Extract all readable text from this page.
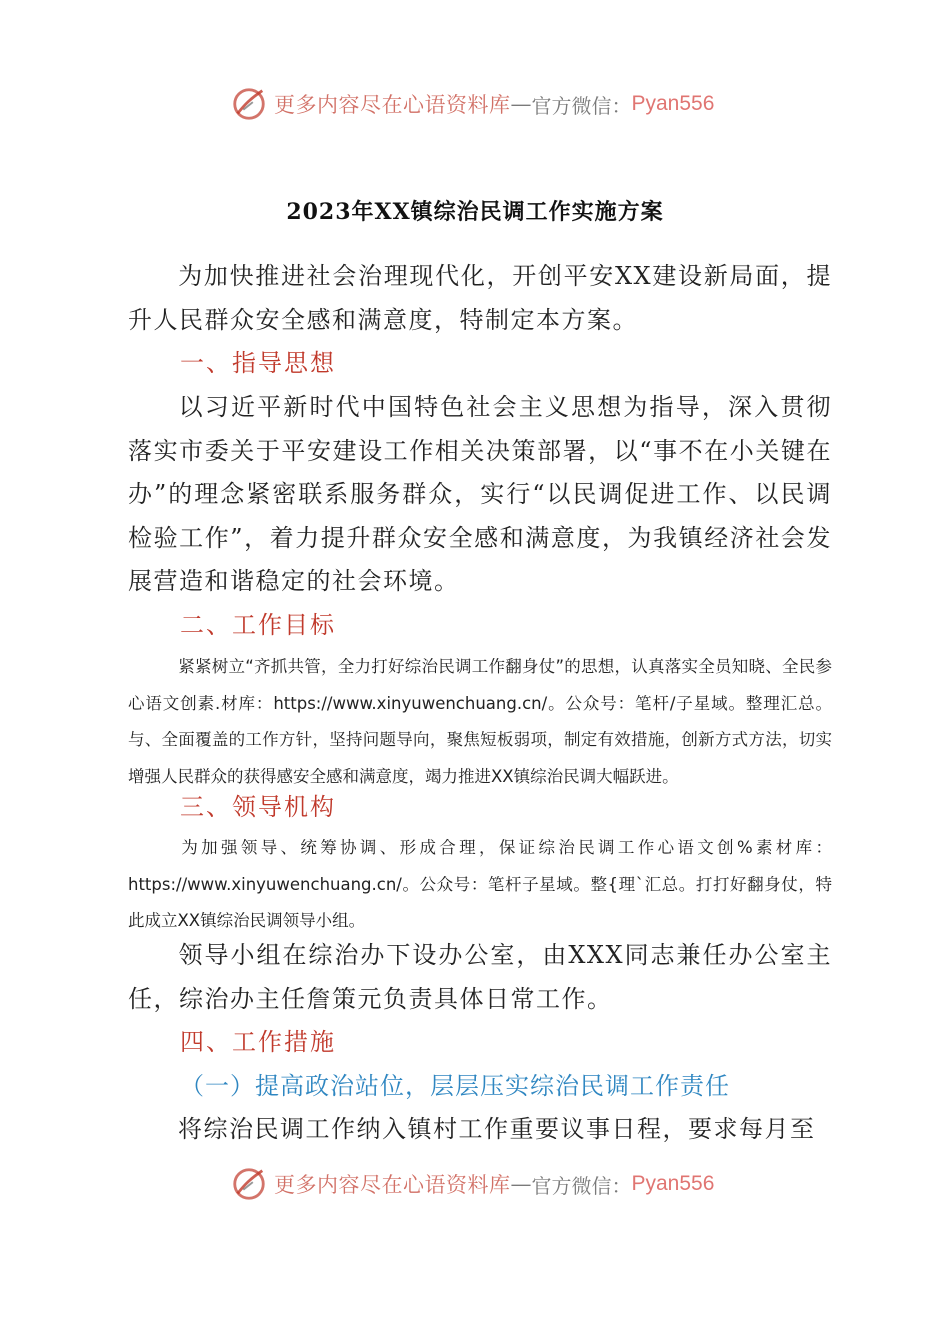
更多内容尽在心语资料库 — 官方微信： Pyan556
2023年XX镇综治民调工作实施方案

为加快推进社会治理现代化，开创平安XX建设新局面，提升人民群众安全感和满意度，特制定本方案。

一、指导思想

以习近平新时代中国特色社会主义思想为指导，深入贯彻落实市委关于平安建设工作相关决策部署，以“事不在小关键在办”的理念紧密联系服务群众，实行“以民调促进工作、以民调检验工作”，着力提升群众安全感和满意度，为我镇经济社会发展营造和谐稳定的社会环境。

二、工作目标

紧紧树立“齐抓共管，全力打好综治民调工作翻身仗”的思想，认真落实全员知晓、全民参心语文创素.材库：https://www.xinyuwenchuang.cn/。公众号：笔杆/子星域。整理汇总。与、全面覆盖的工作方针，坚持问题导向，聚焦短板弱项，制定有效措施，创新方式方法，切实增强人民群众的获得感安全感和满意度，竭力推进XX镇综治民调大幅跃进。

三、领导机构

为加强领导、统筹协调、形成合理，保证综治民调工作心语文创%素材库：https://www.xinyuwenchuang.cn/。公众号：笔杆子星域。整{理`汇总。打打好翻身仗，特此成立XX镇综治民调领导小组。

领导小组在综治办下设办公室，由XXX同志兼任办公室主任，综治办主任詹策元负责具体日常工作。

四、工作措施
（一）提高政治站位，层层压实综治民调工作责任

将综治民调工作纳入镇村工作重要议事日程，要求每月至

更多内容尽在心语资料库 — 官方微信： Pyan556
